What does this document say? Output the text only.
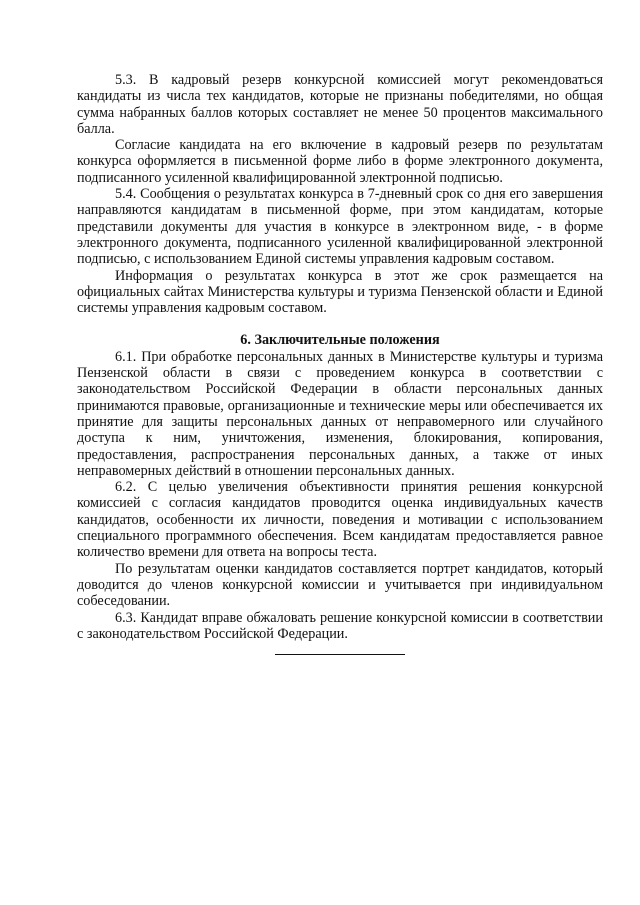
5.3. В кадровый резерв конкурсной комиссией могут рекомендоваться кандидаты из числа тех кандидатов, которые не признаны победителями, но общая сумма набранных баллов которых составляет не менее 50 процентов максимального балла.

Согласие кандидата на его включение в кадровый резерв по результатам конкурса оформляется в письменной форме либо в форме электронного документа, подписанного усиленной квалифицированной электронной подписью.

5.4. Сообщения о результатах конкурса в 7-дневный срок со дня его завершения направляются кандидатам в письменной форме, при этом кандидатам, которые представили документы для участия в конкурсе в электронном виде, - в форме электронного документа, подписанного усиленной квалифицированной электронной подписью, с использованием Единой системы управления кадровым составом.

Информация о результатах конкурса в этот же срок размещается на официальных сайтах Министерства культуры и туризма Пензенской области и Единой системы управления кадровым составом.

6. Заключительные положения

6.1. При обработке персональных данных в Министерстве культуры и туризма Пензенской области в связи с проведением конкурса в соответствии с законодательством Российской Федерации в области персональных данных принимаются правовые, организационные и технические меры или обеспечивается их принятие для защиты персональных данных от неправомерного или случайного доступа к ним, уничтожения, изменения, блокирования, копирования, предоставления, распространения персональных данных, а также от иных неправомерных действий в отношении персональных данных.

6.2. С целью увеличения объективности принятия решения конкурсной комиссией с согласия кандидатов проводится оценка индивидуальных качеств кандидатов, особенности их личности, поведения и мотивации с использованием специального программного обеспечения. Всем кандидатам предоставляется равное количество времени для ответа на вопросы теста.

По результатам оценки кандидатов составляется портрет кандидатов, который доводится до членов конкурсной комиссии и учитывается при индивидуальном собеседовании.

6.3. Кандидат вправе обжаловать решение конкурсной комиссии в соответствии с законодательством Российской Федерации.
